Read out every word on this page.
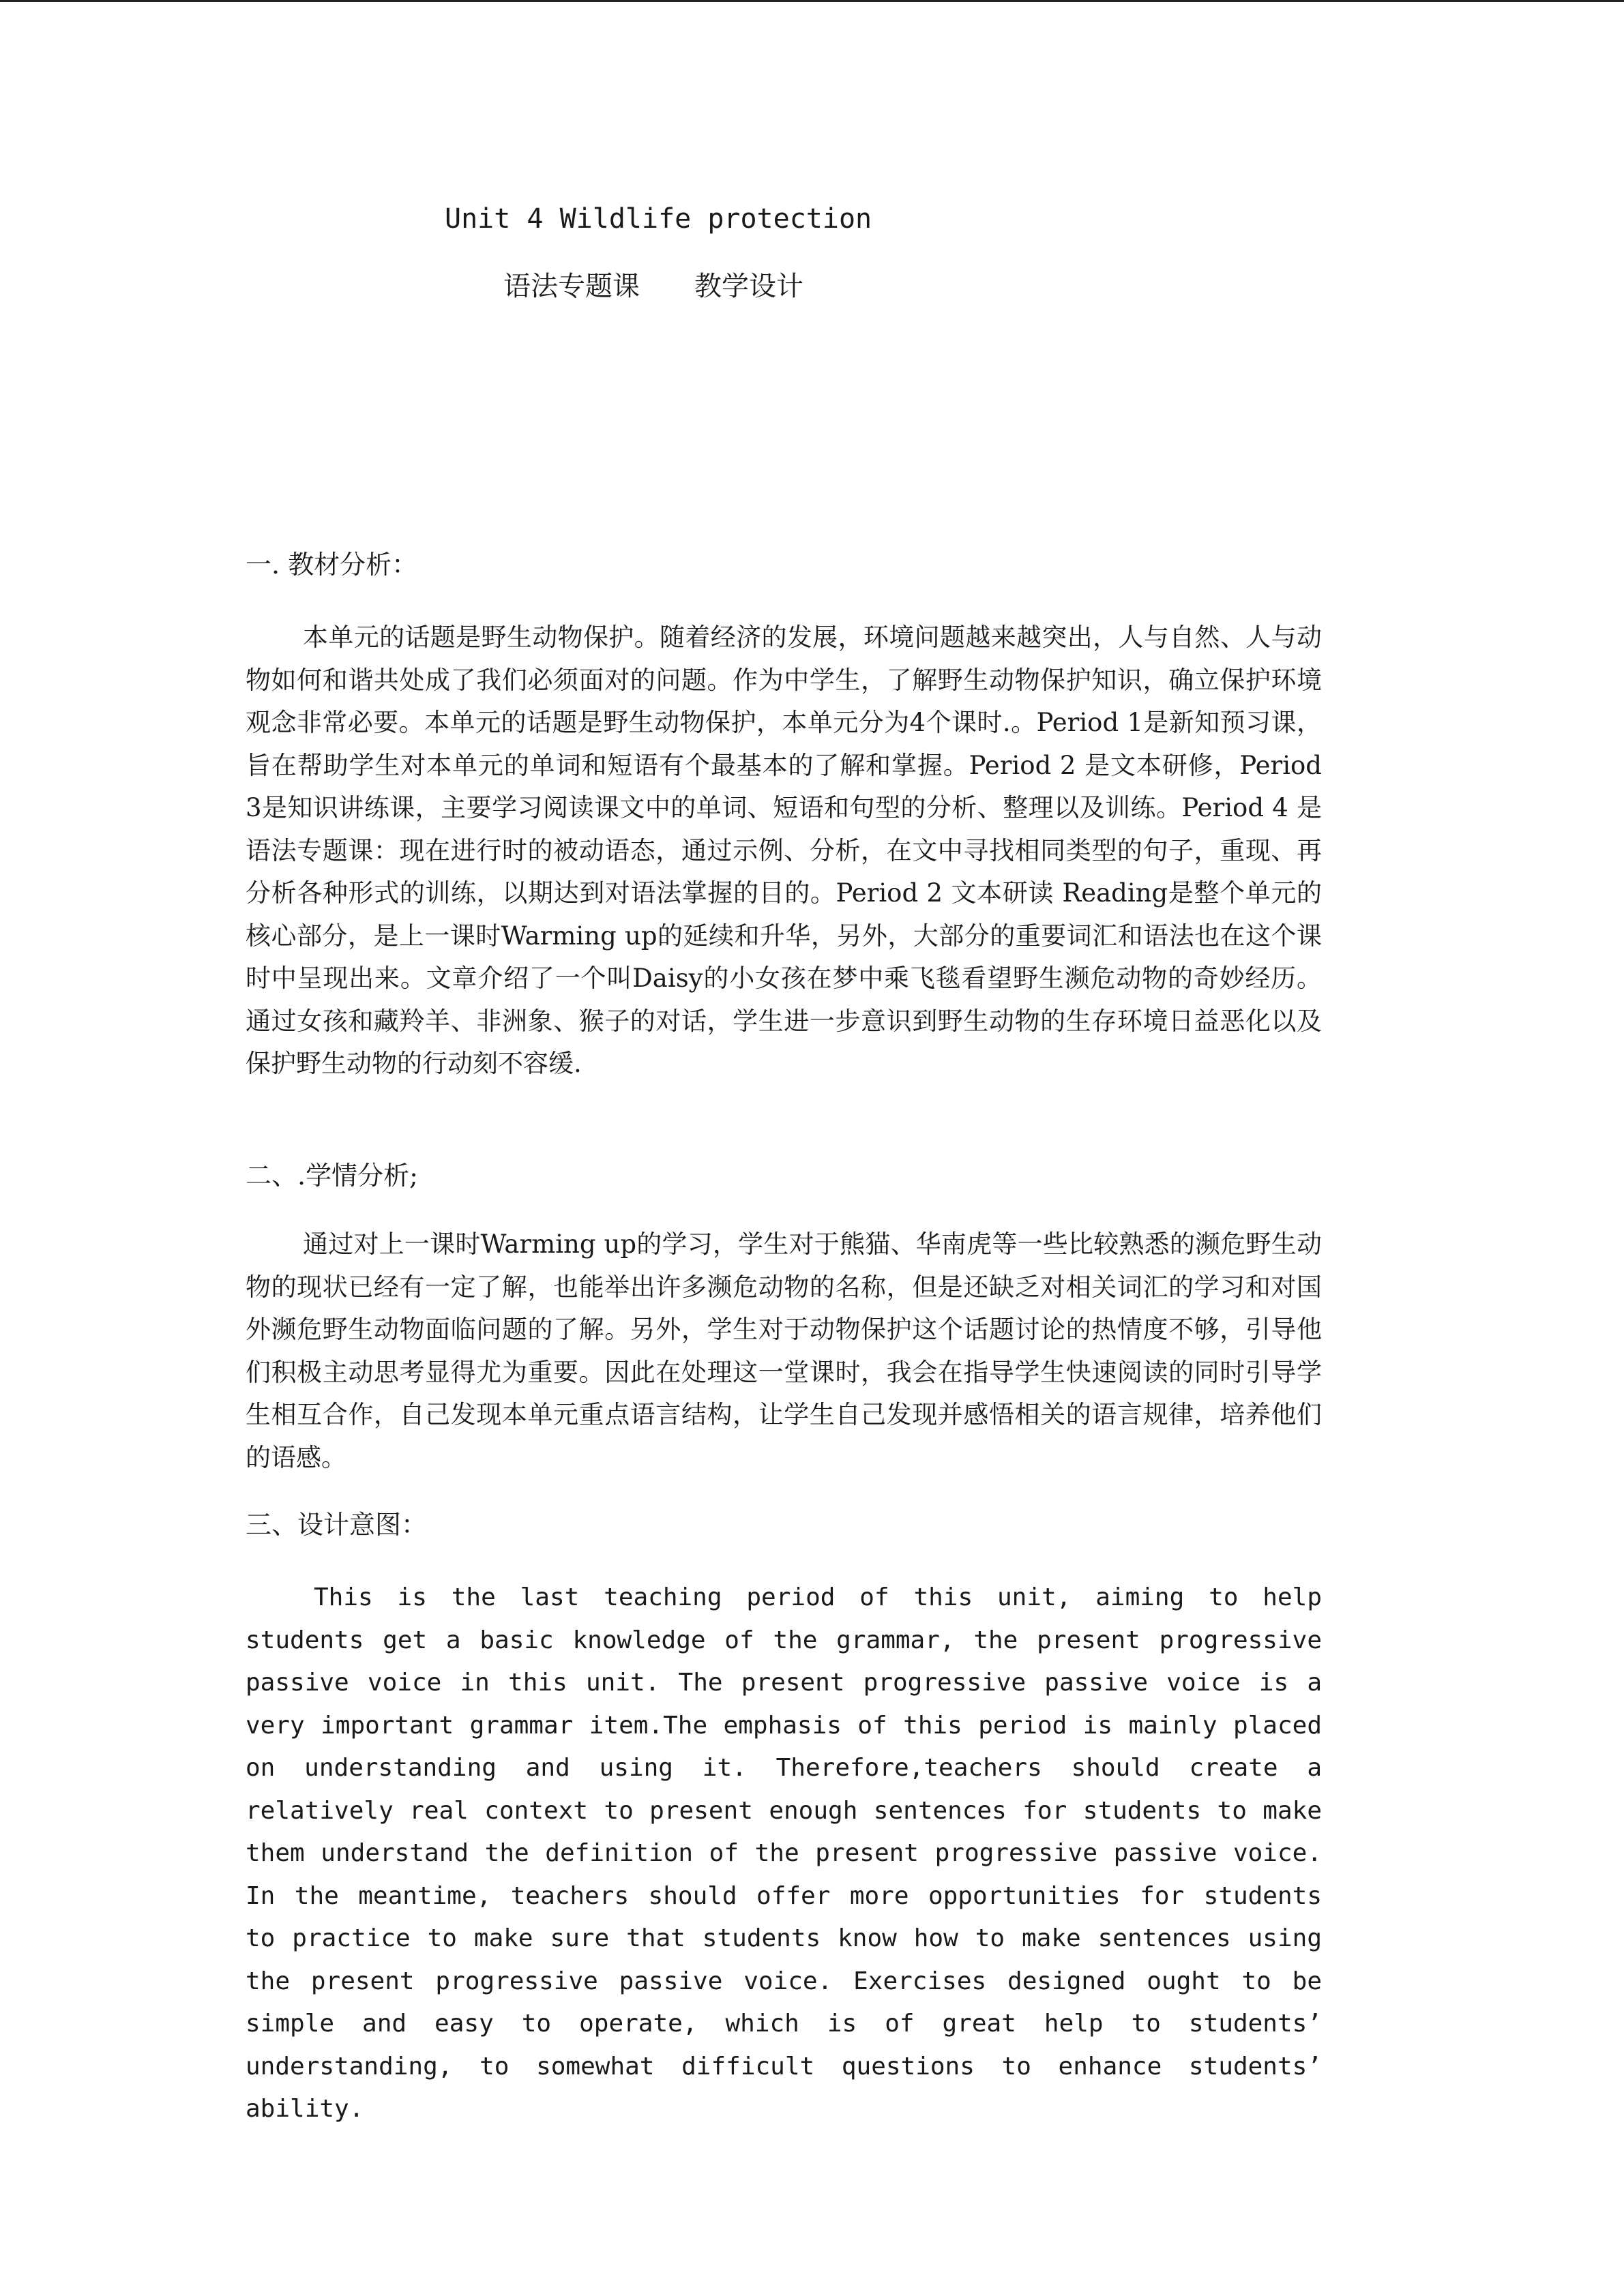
Unit 4 Wildlife protection
语法专题课　　教学设计
一. 教材分析：
本单元的话题是野生动物保护。随着经济的发展，环境问题越来越突出，人与自然、人与动物如何和谐共处成了我们必须面对的问题。作为中学生，了解野生动物保护知识，确立保护环境观念非常必要。本单元的话题是野生动物保护，本单元分为4个课时.。Period 1是新知预习课，旨在帮助学生对本单元的单词和短语有个最基本的了解和掌握。Period 2 是文本研修，Period 3是知识讲练课，主要学习阅读课文中的单词、短语和句型的分析、整理以及训练。Period 4 是语法专题课：现在进行时的被动语态，通过示例、分析，在文中寻找相同类型的句子，重现、再分析各种形式的训练，以期达到对语法掌握的目的。Period 2 文本研读 Reading是整个单元的核心部分，是上一课时Warming up的延续和升华，另外，大部分的重要词汇和语法也在这个课时中呈现出来。文章介绍了一个叫Daisy的小女孩在梦中乘飞毯看望野生濒危动物的奇妙经历。通过女孩和藏羚羊、非洲象、猴子的对话，学生进一步意识到野生动物的生存环境日益恶化以及保护野生动物的行动刻不容缓.
二、.学情分析;
通过对上一课时Warming up的学习，学生对于熊猫、华南虎等一些比较熟悉的濒危野生动物的现状已经有一定了解，也能举出许多濒危动物的名称，但是还缺乏对相关词汇的学习和对国外濒危野生动物面临问题的了解。另外，学生对于动物保护这个话题讨论的热情度不够，引导他们积极主动思考显得尤为重要。因此在处理这一堂课时，我会在指导学生快速阅读的同时引导学生相互合作，自己发现本单元重点语言结构，让学生自己发现并感悟相关的语言规律，培养他们的语感。
三、设计意图：
This is the last teaching period of this unit, aiming to help students get a basic knowledge of the grammar, the present progressive passive voice in this unit. The present progressive passive voice is a very important grammar item.The emphasis of this period is mainly placed on understanding and using it. Therefore,teachers should create a relatively real context to present enough sentences for students to make them understand the definition of the present progressive passive voice. In the meantime, teachers should offer more opportunities for students to practice to make sure that students know how to make sentences using the present progressive passive voice. Exercises designed ought to be simple and easy to operate, which is of great help to students’ understanding, to somewhat difficult questions to enhance students’ ability.
